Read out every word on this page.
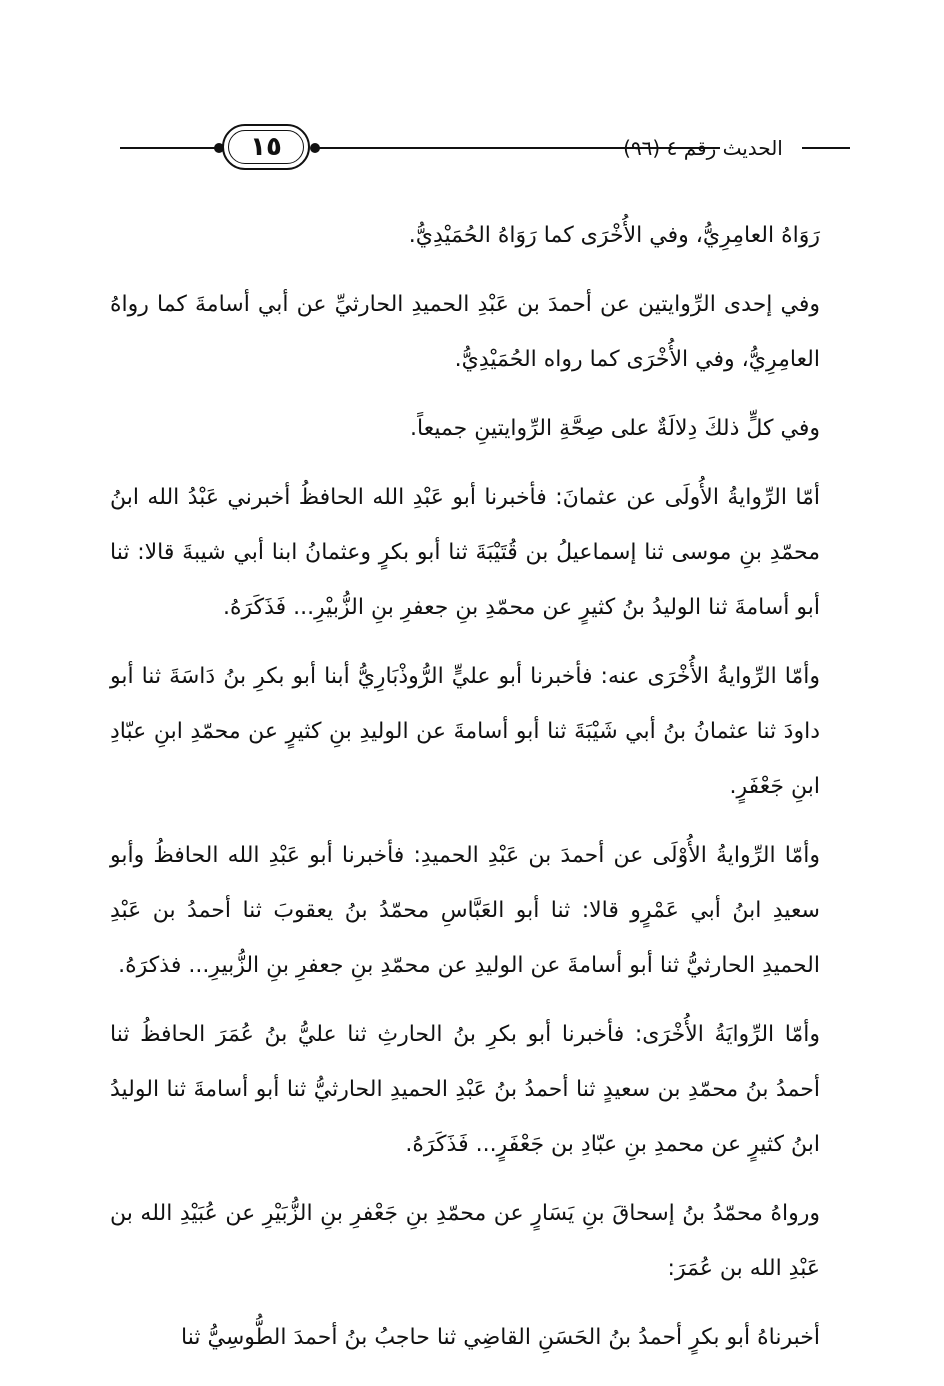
١٥	الحديث رقم ٤ (٩٦)

رَوَاهُ العامِرِيُّ، وفي الأُخْرَى كما رَوَاهُ الحُمَيْدِيُّ.

وفي إحدى الرِّوايتين عن أحمدَ بن عَبْدِ الحميدِ الحارثيِّ عن أبي أسامةَ كما رواهُ العامِرِيُّ، وفي الأُخْرَى كما رواه الحُمَيْدِيُّ.

وفي كلٍّ ذلكَ دِلالَةٌ على صِحَّةِ الرِّوايتينِ جميعاً.

أمّا الرِّوايةُ الأُولَى عن عثمانَ: فأخبرنا أبو عَبْدِ الله الحافظُ أخبرني عَبْدُ الله ابنُ محمّدِ بنِ موسى ثنا إسماعيلُ بن قُتَيْبَةَ ثنا أبو بكرٍ وعثمانُ ابنا أبي شيبةَ قالا: ثنا أبو أسامةَ ثنا الوليدُ بنُ كثيرٍ عن محمّدِ بنِ جعفرِ بنِ الزُّبيْرِ... فَذَكَرَهُ.

وأمّا الرِّوايةُ الأُخْرَى عنه: فأخبرنا أبو عليٍّ الرُّوذْبَارِيُّ أبنا أبو بكرِ بنُ دَاسَةَ ثنا أبو داودَ ثنا عثمانُ بنُ أبي شَيْبَةَ ثنا أبو أسامةَ عن الوليدِ بنِ كثيرٍ عن محمّدِ ابنِ عبّادِ ابنِ جَعْفَرٍ.

وأمّا الرِّوايةُ الأُوْلَى عن أحمدَ بن عَبْدِ الحميدِ: فأخبرنا أبو عَبْدِ الله الحافظُ وأبو سعيدِ ابنُ أبي عَمْرٍو قالا: ثنا أبو العَبَّاسِ محمّدُ بنُ يعقوبَ ثنا أحمدُ بن عَبْدِ الحميدِ الحارثيُّ ثنا أبو أسامةَ عن الوليدِ عن محمّدِ بنِ جعفرِ بنِ الزُّبيرِ... فذكرَهُ.

وأمّا الرِّوايَةُ الأُخْرَى: فأخبرنا أبو بكرِ بنُ الحارثِ ثنا عليُّ بنُ عُمَرَ الحافظُ ثنا أحمدُ بنُ محمّدِ بن سعيدٍ ثنا أحمدُ بنُ عَبْدِ الحميدِ الحارثيُّ ثنا أبو أسامةَ ثنا الوليدُ ابنُ كثيرٍ عن محمدِ بنِ عبّادِ بن جَعْفَرٍ... فَذَكَرَهُ.

ورواهُ محمّدُ بنُ إسحاقَ بنِ يَسَارٍ عن محمّدِ بنِ جَعْفرِ بنِ الزُّبَيْرِ عن عُبَيْدِ الله بن عَبْدِ الله بن عُمَرَ:

أخبرناهُ أبو بكرٍ أحمدُ بنُ الحَسَنِ القاضِي ثنا حاجبُ بنُ أحمدَ الطُّوسِيُّ ثنا
